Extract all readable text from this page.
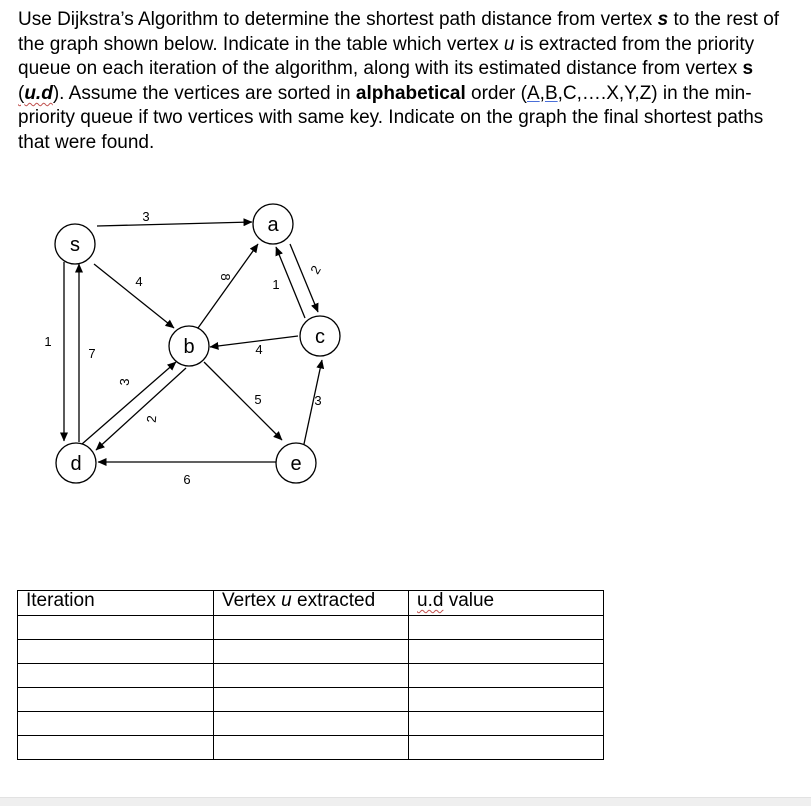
Use Dijkstra’s Algorithm to determine the shortest path distance from vertex s to the rest of the graph shown below. Indicate in the table which vertex u is extracted from the priority queue on each iteration of the algorithm, along with its estimated distance from vertex s (u.d). Assume the vertices are sorted in alphabetical order (A,B,C,….X,Y,Z) in the min-priority queue if two vertices with same key. Indicate on the graph the final shortest paths that were found.

s
a
b	c
d	e
3
4	8
2
1
4
1
7
3
2
5	3
6
Iteration	Vertex u extracted	u.d value
